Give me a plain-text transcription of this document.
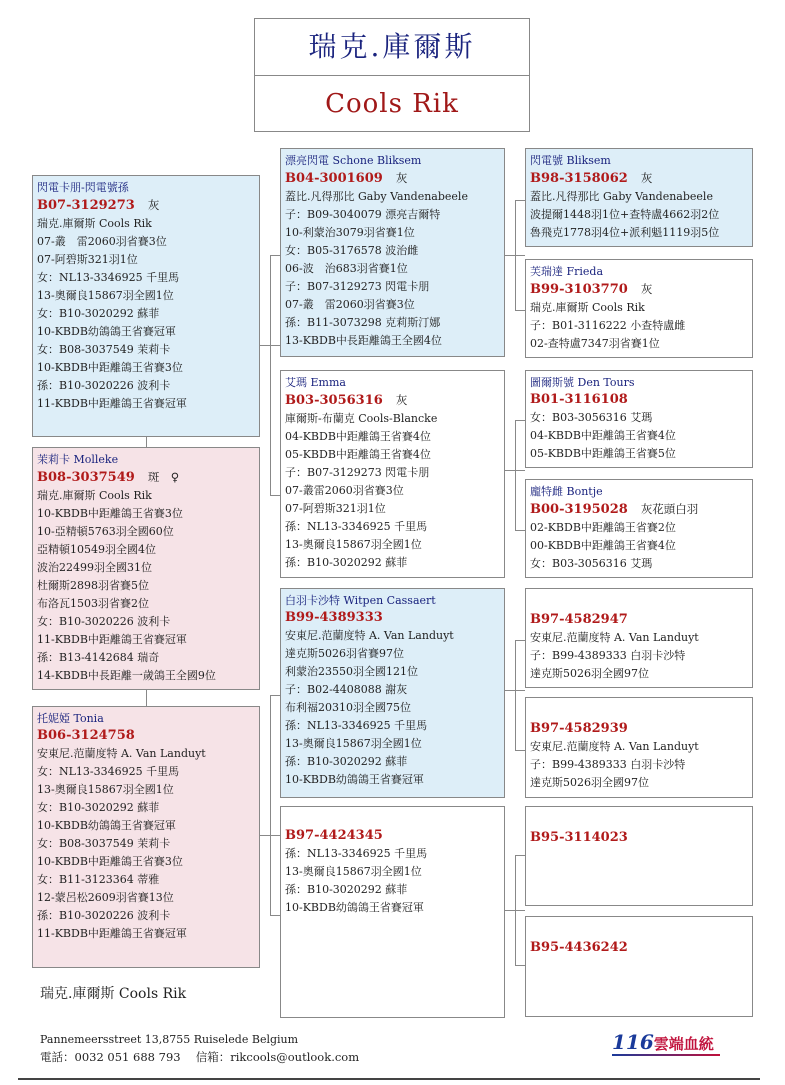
瑞克.庫爾斯
Cools Rik
閃電卡朋-閃電號孫
B07-3129273　 灰
瑞克.庫爾斯 Cools Rik
07-叢　雷2060羽省賽3位
07-阿碧斯321羽1位
女：NL13-3346925 千里馬
13-奧爾良15867羽全國1位
女：B10-3020292 蘇菲
10-KBDB幼鴿鴿王省賽冠軍
女：B08-3037549 茉莉卡
10-KBDB中距離鴿王省賽3位
孫：B10-3020226 波利卡
11-KBDB中距離鴿王省賽冠軍
茉莉卡 Molleke
B08-3037549　 斑　♀
瑞克.庫爾斯 Cools Rik
10-KBDB中距離鴿王省賽3位
10-亞精頓5763羽全國60位
亞精頓10549羽全國4位
波治22499羽全國31位
杜爾斯2898羽省賽5位
布洛瓦1503羽省賽2位
女：B10-3020226 波利卡
11-KBDB中距離鴿王省賽冠軍
孫：B13-4142684 瑞奇
14-KBDB中長距離一歲鴿王全國9位
托妮婭 Tonia
B06-3124758
安東尼.范蘭度特 A. Van Landuyt
女：NL13-3346925 千里馬
13-奧爾良15867羽全國1位
女：B10-3020292 蘇菲
10-KBDB幼鴿鴿王省賽冠軍
女：B08-3037549 茉莉卡
10-KBDB中距離鴿王省賽3位
女：B11-3123364 蒂雅
12-蒙呂松2609羽省賽13位
孫：B10-3020226 波利卡
11-KBDB中距離鴿王省賽冠軍
漂亮閃電 Schone Bliksem
B04-3001609　 灰
蓋比.凡得那比 Gaby Vandenabeele
子：B09-3040079 漂亮吉爾特
10-利蒙治3079羽省賽1位
女：B05-3176578 波治雌
06-波　治683羽省賽1位
子：B07-3129273 閃電卡朋
07-叢　雷2060羽省賽3位
孫：B11-3073298 克莉斯汀娜
13-KBDB中長距離鴿王全國4位
艾瑪 Emma
B03-3056316　 灰
庫爾斯-布蘭克 Cools-Blancke
04-KBDB中距離鴿王省賽4位
05-KBDB中距離鴿王省賽4位
子：B07-3129273 閃電卡朋
07-叢雷2060羽省賽3位
07-阿碧斯321羽1位
孫：NL13-3346925 千里馬
13-奧爾良15867羽全國1位
孫：B10-3020292 蘇菲
白羽卡沙特 Witpen Cassaert
B99-4389333
安東尼.范蘭度特 A. Van Landuyt
達克斯5026羽省賽97位
利蒙治23550羽全國121位
子：B02-4408088 謝灰
布利福20310羽全國75位
孫：NL13-3346925 千里馬
13-奧爾良15867羽全國1位
孫：B10-3020292 蘇菲
10-KBDB幼鴿鴿王省賽冠軍
B97-4424345
孫：NL13-3346925 千里馬
13-奧爾良15867羽全國1位
孫：B10-3020292 蘇菲
10-KBDB幼鴿鴿王省賽冠軍
閃電號 Bliksem
B98-3158062　 灰
蓋比.凡得那比 Gaby Vandenabeele
波提爾1448羽1位+查特盧4662羽2位
魯飛克1778羽4位+派利魁1119羽5位
芙瑞達 Frieda
B99-3103770　 灰
瑞克.庫爾斯 Cools Rik
子：B01-3116222 小查特盧雌
02-查特盧7347羽省賽1位
圖爾斯號 Den Tours
B01-3116108
女：B03-3056316 艾瑪
04-KBDB中距離鴿王省賽4位
05-KBDB中距離鴿王省賽5位
龐特雌 Bontje
B00-3195028　 灰花頭白羽
02-KBDB中距離鴿王省賽2位
00-KBDB中距離鴿王省賽4位
女：B03-3056316 艾瑪
B97-4582947
安東尼.范蘭度特 A. Van Landuyt
子：B99-4389333 白羽卡沙特
達克斯5026羽全國97位
B97-4582939
安東尼.范蘭度特 A. Van Landuyt
子：B99-4389333 白羽卡沙特
達克斯5026羽全國97位
B95-3114023
B95-4436242
瑞克.庫爾斯 Cools Rik
Pannemeersstreet 13,8755 Ruiselede Belgium
電話：0032 051 688 793　 信箱：rikcools@outlook.com
116雲端血統
